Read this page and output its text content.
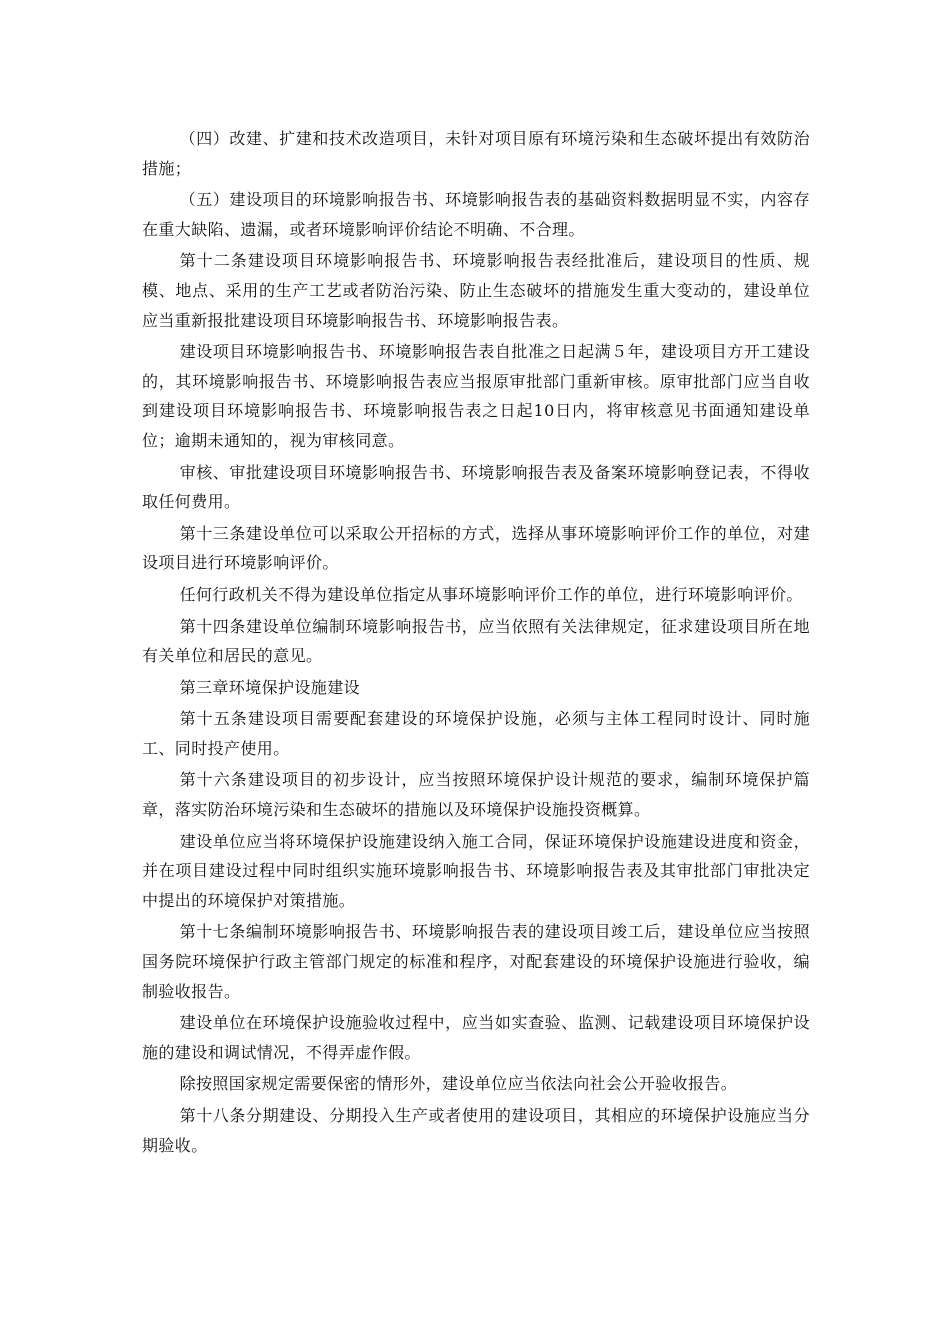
（四）改建、扩建和技术改造项目，未针对项目原有环境污染和生态破坏提出有效防治措施；

（五）建设项目的环境影响报告书、环境影响报告表的基础资料数据明显不实，内容存在重大缺陷、遗漏，或者环境影响评价结论不明确、不合理。

第十二条建设项目环境影响报告书、环境影响报告表经批准后，建设项目的性质、规模、地点、采用的生产工艺或者防治污染、防止生态破坏的措施发生重大变动的，建设单位应当重新报批建设项目环境影响报告书、环境影响报告表。

建设项目环境影响报告书、环境影响报告表自批准之日起满５年，建设项目方开工建设的，其环境影响报告书、环境影响报告表应当报原审批部门重新审核。原审批部门应当自收到建设项目环境影响报告书、环境影响报告表之日起10日内，将审核意见书面通知建设单位；逾期未通知的，视为审核同意。

审核、审批建设项目环境影响报告书、环境影响报告表及备案环境影响登记表，不得收取任何费用。

第十三条建设单位可以采取公开招标的方式，选择从事环境影响评价工作的单位，对建设项目进行环境影响评价。

任何行政机关不得为建设单位指定从事环境影响评价工作的单位，进行环境影响评价。

第十四条建设单位编制环境影响报告书，应当依照有关法律规定，征求建设项目所在地有关单位和居民的意见。

第三章环境保护设施建设

第十五条建设项目需要配套建设的环境保护设施，必须与主体工程同时设计、同时施工、同时投产使用。

第十六条建设项目的初步设计，应当按照环境保护设计规范的要求，编制环境保护篇章，落实防治环境污染和生态破坏的措施以及环境保护设施投资概算。

建设单位应当将环境保护设施建设纳入施工合同，保证环境保护设施建设进度和资金，并在项目建设过程中同时组织实施环境影响报告书、环境影响报告表及其审批部门审批决定中提出的环境保护对策措施。

第十七条编制环境影响报告书、环境影响报告表的建设项目竣工后，建设单位应当按照国务院环境保护行政主管部门规定的标准和程序，对配套建设的环境保护设施进行验收，编制验收报告。

建设单位在环境保护设施验收过程中，应当如实查验、监测、记载建设项目环境保护设施的建设和调试情况，不得弄虚作假。

除按照国家规定需要保密的情形外，建设单位应当依法向社会公开验收报告。

第十八条分期建设、分期投入生产或者使用的建设项目，其相应的环境保护设施应当分期验收。
